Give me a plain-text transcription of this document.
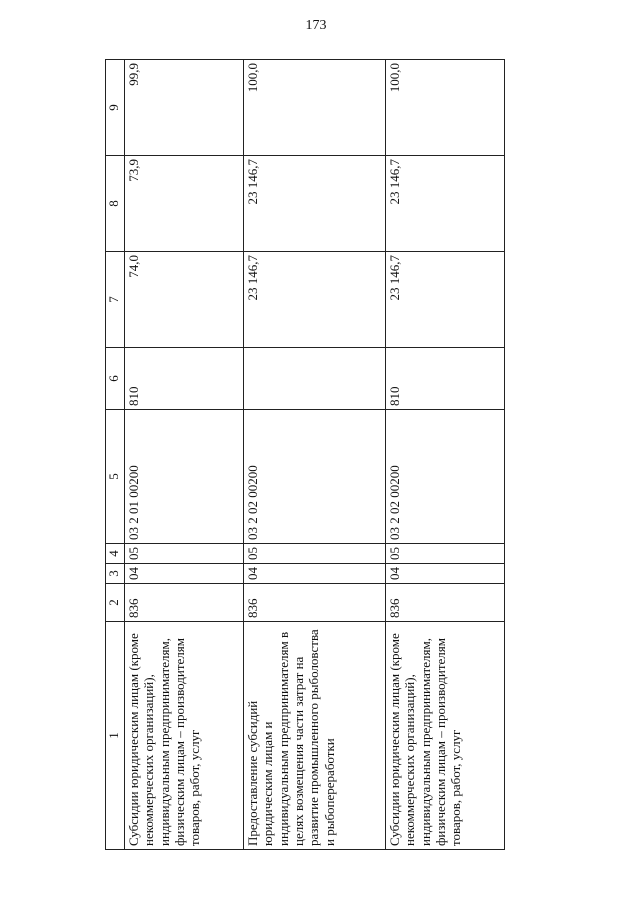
173
1	2	3	4	5	6	7	8	9
Субсидии юридическим лицам (кроме некоммерческих организаций), индивидуальным предпринимателям, физическим лицам – производителям товаров, работ, услуг	836	04	05	03 2 01 00200	810	74,0	73,9	99,9
Предоставление субсидий юридическим лицам и индивидуальным предпринимателям в целях возмещения части затрат на развитие промышленного рыболовства и рыбопереработки	836	04	05	03 2 02 00200		23 146,7	23 146,7	100,0
Субсидии юридическим лицам (кроме некоммерческих организаций), индивидуальным предпринимателям, физическим лицам – производителям товаров, работ, услуг	836	04	05	03 2 02 00200	810	23 146,7	23 146,7	100,0
